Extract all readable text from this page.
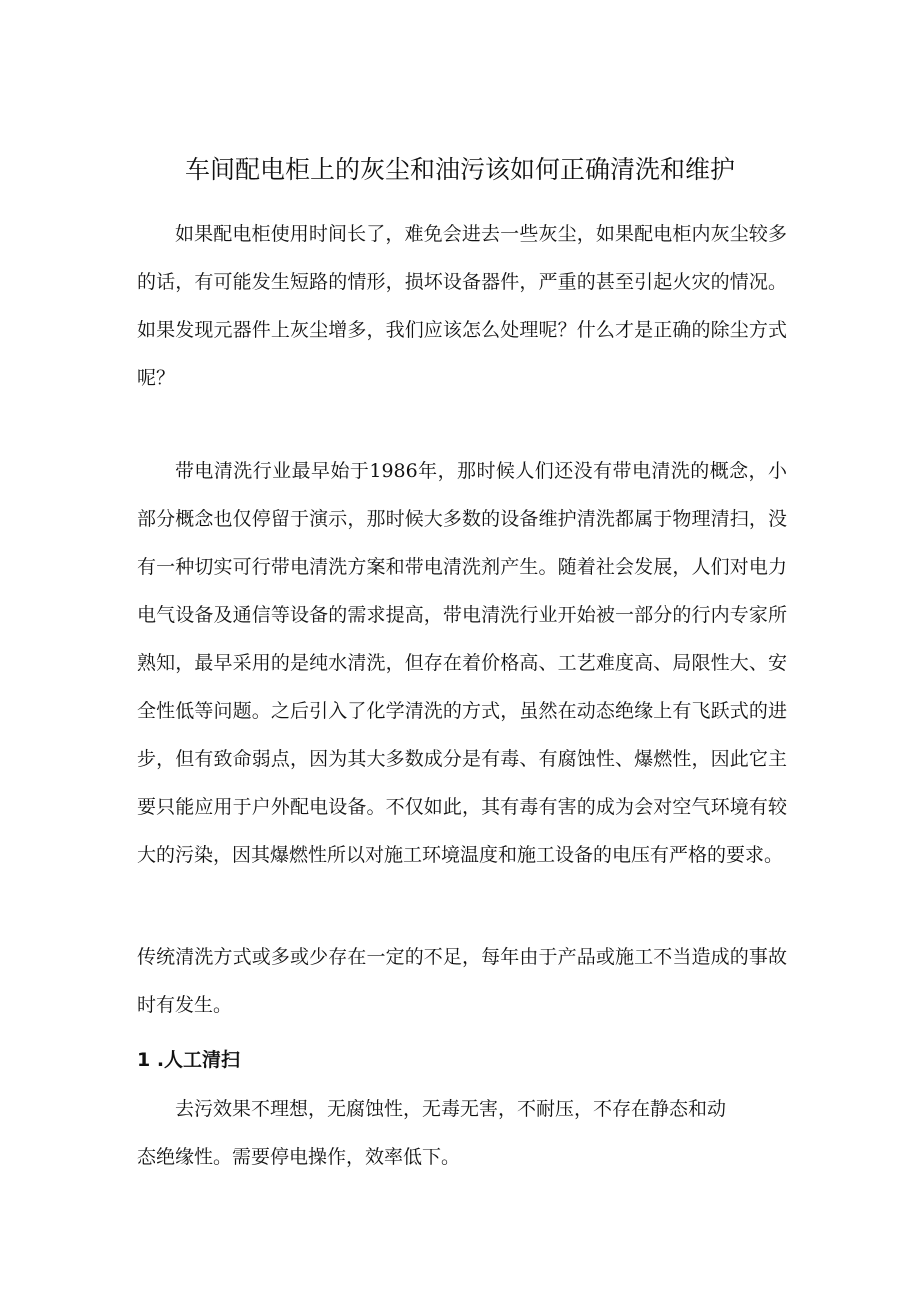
车间配电柜上的灰尘和油污该如何正确清洗和维护

如果配电柜使用时间长了，难免会进去一些灰尘，如果配电柜内灰尘较多的话，有可能发生短路的情形，损坏设备器件，严重的甚至引起火灾的情况。如果发现元器件上灰尘增多，我们应该怎么处理呢？什么才是正确的除尘方式呢？

带电清洗行业最早始于1986年，那时候人们还没有带电清洗的概念，小部分概念也仅停留于演示，那时候大多数的设备维护清洗都属于物理清扫，没有一种切实可行带电清洗方案和带电清洗剂产生。随着社会发展，人们对电力电气设备及通信等设备的需求提高，带电清洗行业开始被一部分的行内专家所熟知，最早采用的是纯水清洗，但存在着价格高、工艺难度高、局限性大、安全性低等问题。之后引入了化学清洗的方式，虽然在动态绝缘上有飞跃式的进步，但有致命弱点，因为其大多数成分是有毒、有腐蚀性、爆燃性，因此它主要只能应用于户外配电设备。不仅如此，其有毒有害的成为会对空气环境有较大的污染，因其爆燃性所以对施工环境温度和施工设备的电压有严格的要求。

传统清洗方式或多或少存在一定的不足，每年由于产品或施工不当造成的事故时有发生。

1 .人工清扫

去污效果不理想，无腐蚀性，无毒无害，不耐压，不存在静态和动态绝缘性。需要停电操作，效率低下。
